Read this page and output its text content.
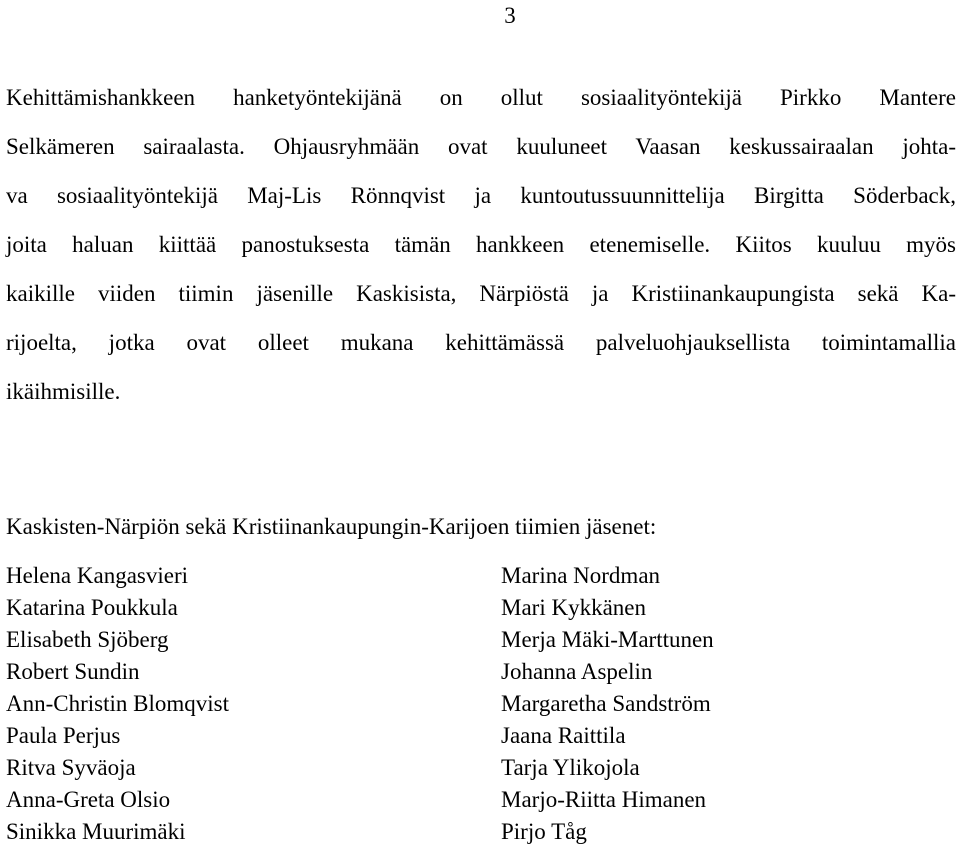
3

Kehittämishankkeen hanketyöntekijänä on ollut sosiaalityöntekijä Pirkko Mantere
Selkämeren sairaalasta. Ohjausryhmään ovat kuuluneet Vaasan keskussairaalan johta-
va sosiaalityöntekijä Maj-Lis Rönnqvist ja kuntoutussuunnittelija Birgitta Söderback,
joita haluan kiittää panostuksesta tämän hankkeen etenemiselle. Kiitos kuuluu myös
kaikille viiden tiimin jäsenille Kaskisista, Närpiöstä ja Kristiinankaupungista sekä Ka-
rijoelta, jotka ovat olleet mukana kehittämässä palveluohjauksellista toimintamallia
ikäihmisille.

Kaskisten-Närpiön sekä Kristiinankaupungin-Karijoen tiimien jäsenet:

Helena Kangasvieri
Katarina Poukkula
Elisabeth Sjöberg
Robert Sundin
Ann-Christin Blomqvist
Paula Perjus
Ritva Syväoja
Anna-Greta Olsio
Sinikka Muurimäki
Marina Nordman
Mari Kykkänen
Merja Mäki-Marttunen
Johanna Aspelin
Margaretha Sandström
Jaana Raittila
Tarja Ylikojola
Marjo-Riitta Himanen
Pirjo Tåg
